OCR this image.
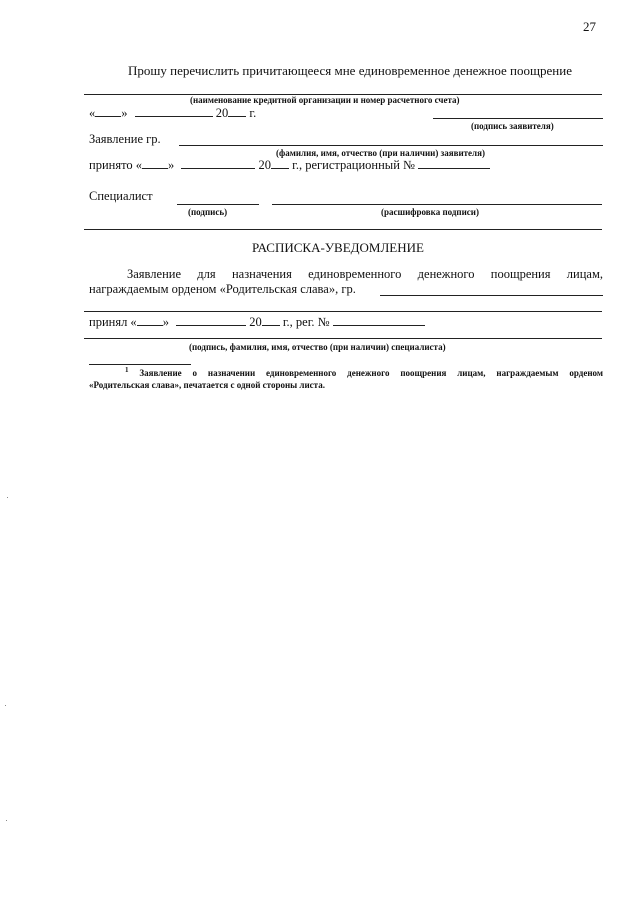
27
Прошу перечислить причитающееся мне единовременное денежное поощрение
(наименование кредитной организации и номер расчетного счета)
« »	20 г.
(подпись заявителя)
Заявление гр.
(фамилия, имя, отчество (при наличии) заявителя)
принято « »	20 г., регистрационный №
Специалист
(подпись)	(расшифровка подписи)
РАСПИСКА-УВЕДОМЛЕНИЕ
Заявление для назначения единовременного денежного поощрения лицам,
награждаемым орденом «Родительская слава», гр.
принял « »	20 г., рег. №
(подпись, фамилия, имя, отчество (при наличии) специалиста)
$^1$ Заявление о назначении единовременного денежного поощрения лицам, награждаемым орденом
«Родительская слава», печатается с одной стороны листа.
